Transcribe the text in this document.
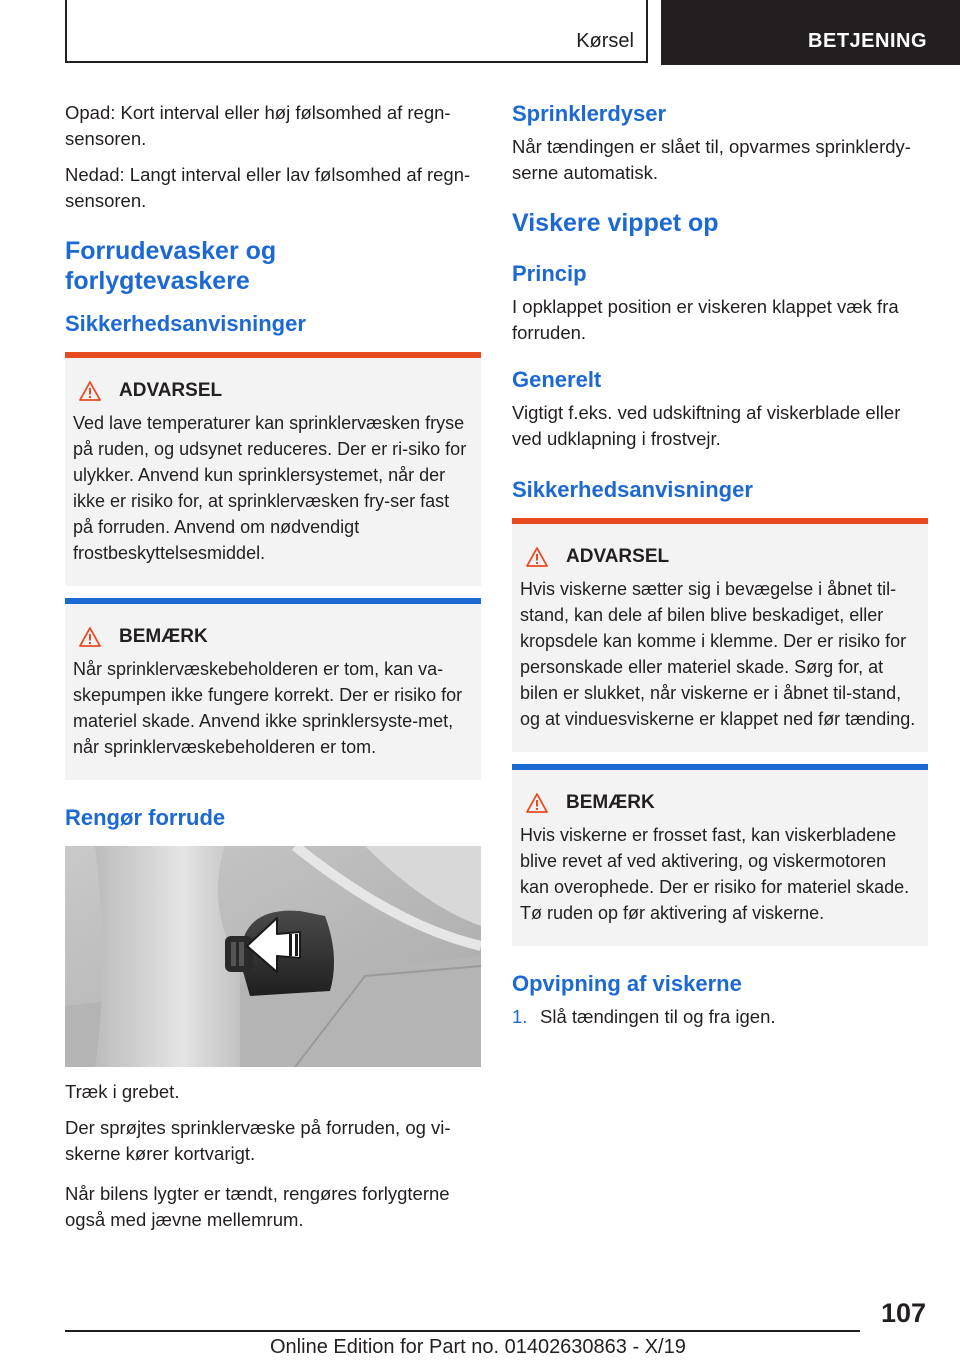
Kørsel	BETJENING

Opad: Kort interval eller høj følsomhed af regn‐sensoren.

Nedad: Langt interval eller lav følsomhed af regn‐sensoren.

Forrudevasker og forlygtevaskere
Sikkerhedsanvisninger
ADVARSEL
Ved lave temperaturer kan sprinklervæsken fryse på ruden, og udsynet reduceres. Der er ri‐siko for ulykker. Anvend kun sprinklersystemet, når der ikke er risiko for, at sprinklervæsken fry‐ser fast på forruden. Anvend om nødvendigt frostbeskyttelsesmiddel.
BEMÆRK
Når sprinklervæskebeholderen er tom, kan va‐skepumpen ikke fungere korrekt. Der er risiko for materiel skade. Anvend ikke sprinklersyste‐met, når sprinklervæskebeholderen er tom.
Rengør forrude

Træk i grebet.

Der sprøjtes sprinklervæske på forruden, og vi‐skerne kører kortvarigt.

Når bilens lygter er tændt, rengøres forlygterne også med jævne mellemrum.

Sprinklerdyser

Når tændingen er slået til, opvarmes sprinklerdy‐serne automatisk.

Viskere vippet op
Princip

I opklappet position er viskeren klappet væk fra forruden.

Generelt

Vigtigt f.eks. ved udskiftning af viskerblade eller ved udklapning i frostvejr.

Sikkerhedsanvisninger
ADVARSEL
Hvis viskerne sætter sig i bevægelse i åbnet til‐stand, kan dele af bilen blive beskadiget, eller kropsdele kan komme i klemme. Der er risiko for personskade eller materiel skade. Sørg for, at bilen er slukket, når viskerne er i åbnet til‐stand, og at vinduesviskerne er klappet ned før tænding.
BEMÆRK
Hvis viskerne er frosset fast, kan viskerbladene blive revet af ved aktivering, og viskermotoren kan overophede. Der er risiko for materiel skade. Tø ruden op før aktivering af viskerne.
Opvipning af viskerne
1. Slå tændingen til og fra igen.

107
Online Edition for Part no. 01402630863 - X/19
